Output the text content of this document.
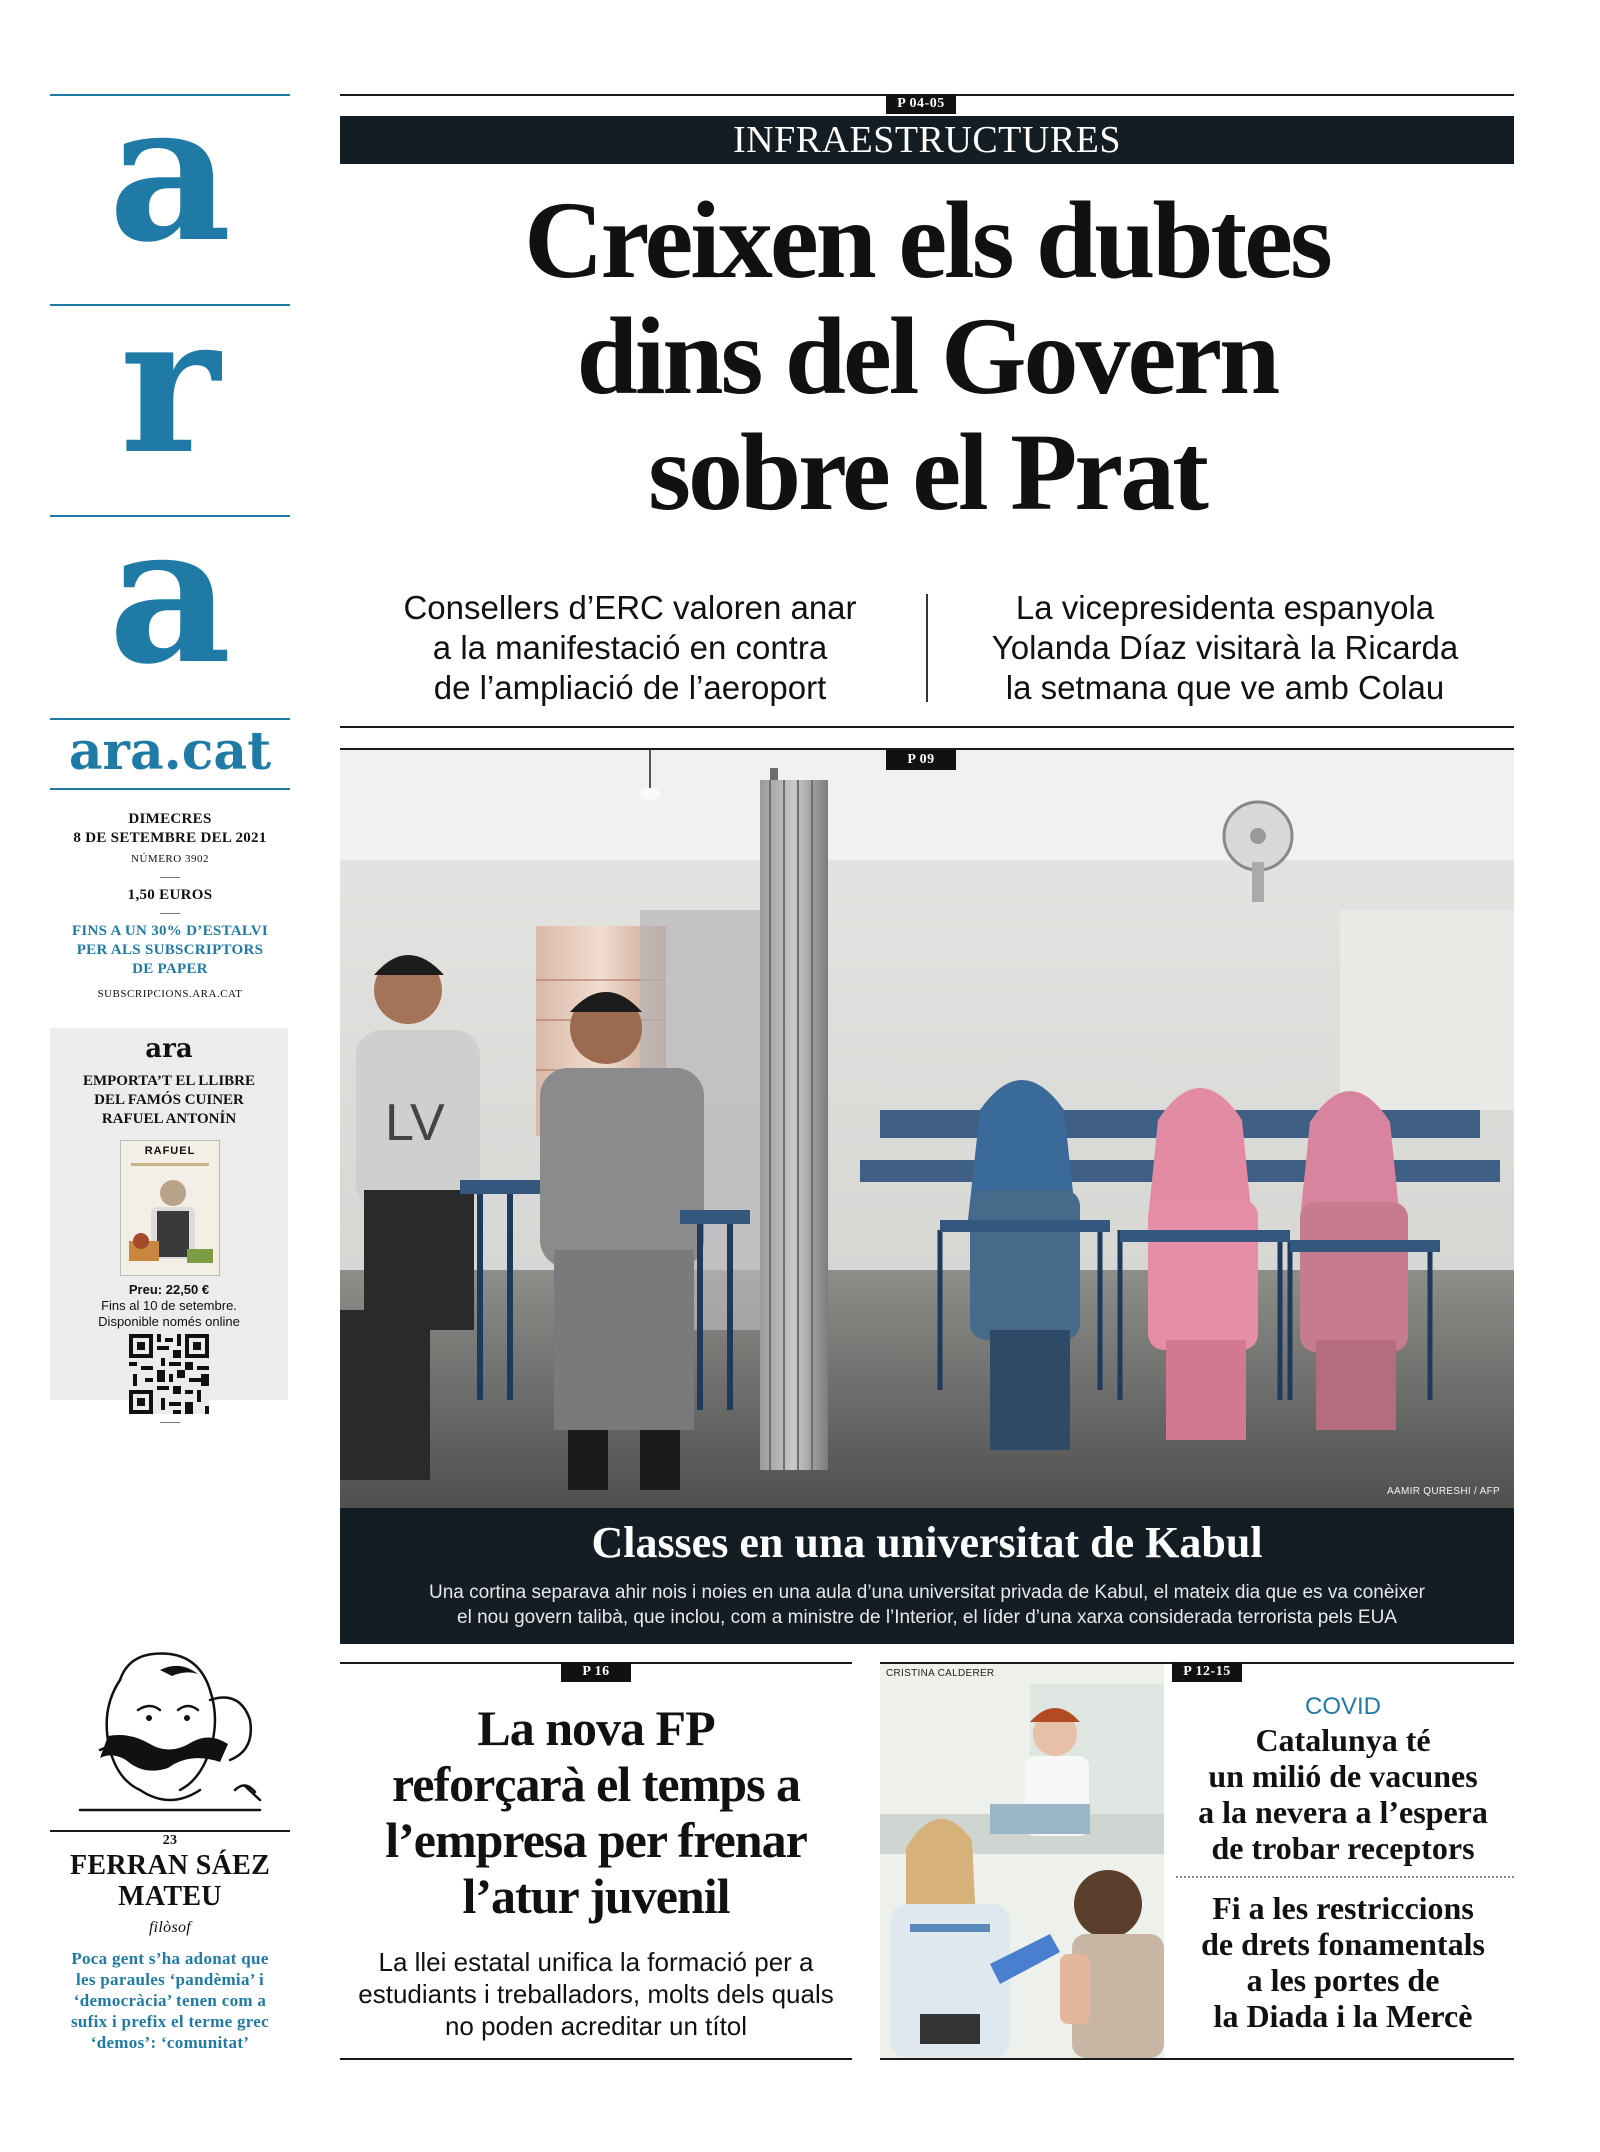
a
r
a
ara.cat
DIMECRES
8 DE SETEMBRE DEL 2021
NÚMERO 3902
1,50 EUROS
FINS A UN 30% D’ESTALVI
PER ALS SUBSCRIPTORS
DE PAPER
SUBSCRIPCIONS.ARA.CAT
ara
EMPORTA’T EL LLIBRE
DEL FAMÓS CUINER
RAFUEL ANTONÍN
RAFUEL
Preu: 22,50 €
Fins al 10 de setembre.
Disponible només online
23
FERRAN SÁEZ
MATEU
filòsof
Poca gent s’ha adonat que
les paraules ‘pandèmia’ i
‘democràcia’ tenen com a
sufix i prefix el terme grec
‘demos’: ‘comunitat’
P 04-05
INFRAESTRUCTURES
Creixen els dubtes
dins del Govern
sobre el Prat
Consellers d’ERC valoren anar
a la manifestació en contra
de l’ampliació de l’aeroport
La vicepresidenta espanyola
Yolanda Díaz visitarà la Ricarda
la setmana que ve amb Colau
LV
P 09
AAMIR QURESHI / AFP
Classes en una universitat de Kabul
Una cortina separava ahir nois i noies en una aula d’una universitat privada de Kabul, el mateix dia que es va conèixer
el nou govern talibà, que inclou, com a ministre de l’Interior, el líder d’una xarxa considerada terrorista pels EUA
P 16
La nova FP
reforçarà el temps a
l’empresa per frenar
l’atur juvenil
La llei estatal unifica la formació per a
estudiants i treballadors, molts dels quals
no poden acreditar un títol
CRISTINA CALDERER	P 12-15
COVID
Catalunya té
un milió de vacunes
a la nevera a l’espera
de trobar receptors
Fi a les restriccions
de drets fonamentals
a les portes de
la Diada i la Mercè
